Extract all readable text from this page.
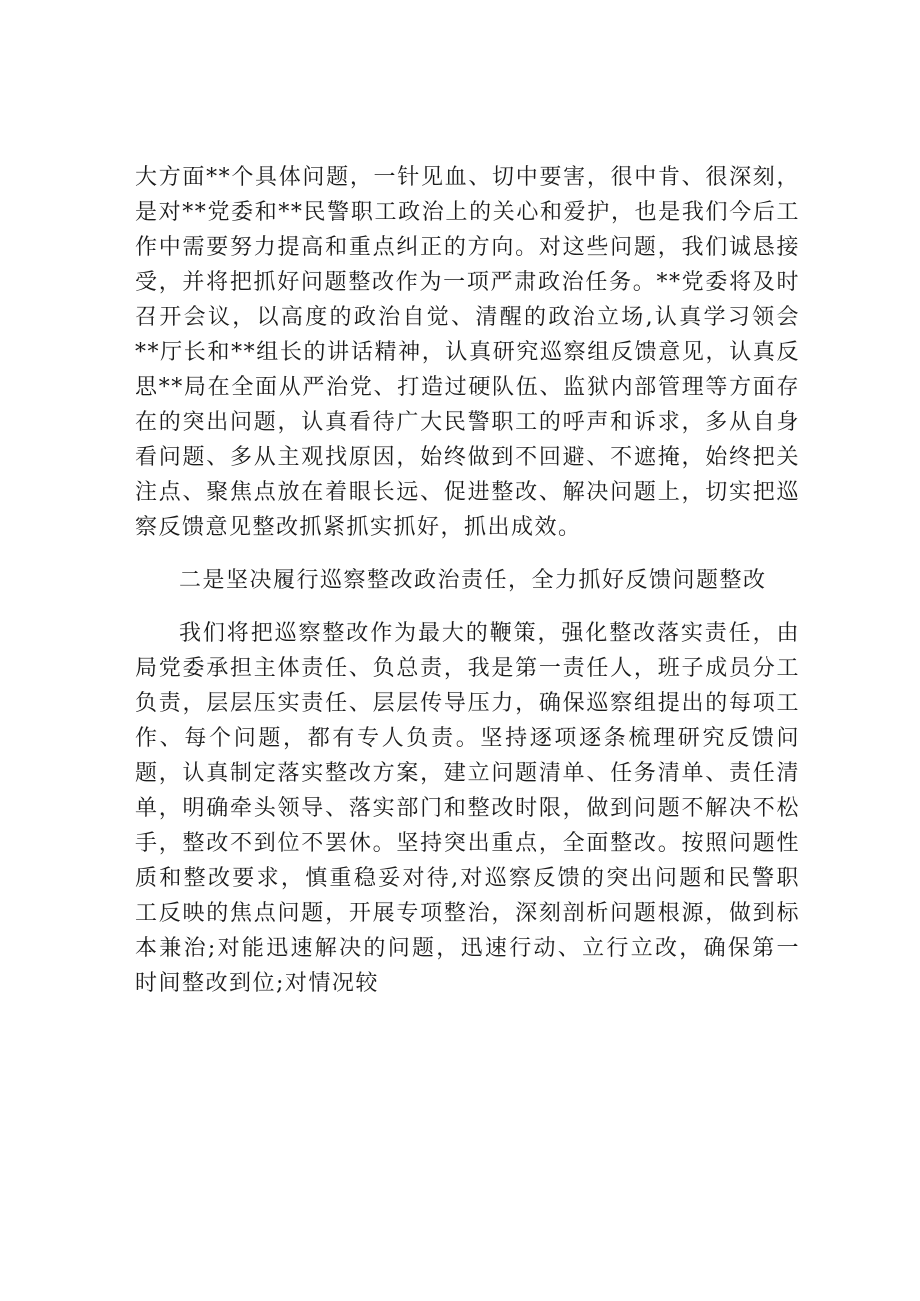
大方面**个具体问题，一针见血、切中要害，很中肯、很深刻，是对**党委和**民警职工政治上的关心和爱护，也是我们今后工作中需要努力提高和重点纠正的方向。对这些问题，我们诚恳接受，并将把抓好问题整改作为一项严肃政治任务。**党委将及时召开会议，以高度的政治自觉、清醒的政治立场,认真学习领会**厅长和**组长的讲话精神，认真研究巡察组反馈意见，认真反思**局在全面从严治党、打造过硬队伍、监狱内部管理等方面存在的突出问题，认真看待广大民警职工的呼声和诉求，多从自身看问题、多从主观找原因，始终做到不回避、不遮掩，始终把关注点、聚焦点放在着眼长远、促进整改、解决问题上，切实把巡察反馈意见整改抓紧抓实抓好，抓出成效。

二是坚决履行巡察整改政治责任，全力抓好反馈问题整改

我们将把巡察整改作为最大的鞭策，强化整改落实责任，由局党委承担主体责任、负总责，我是第一责任人，班子成员分工负责，层层压实责任、层层传导压力，确保巡察组提出的每项工作、每个问题，都有专人负责。坚持逐项逐条梳理研究反馈问题，认真制定落实整改方案，建立问题清单、任务清单、责任清单，明确牵头领导、落实部门和整改时限，做到问题不解决不松手，整改不到位不罢休。坚持突出重点，全面整改。按照问题性质和整改要求，慎重稳妥对待,对巡察反馈的突出问题和民警职工反映的焦点问题，开展专项整治，深刻剖析问题根源，做到标本兼治;对能迅速解决的问题，迅速行动、立行立改，确保第一时间整改到位;对情况较
